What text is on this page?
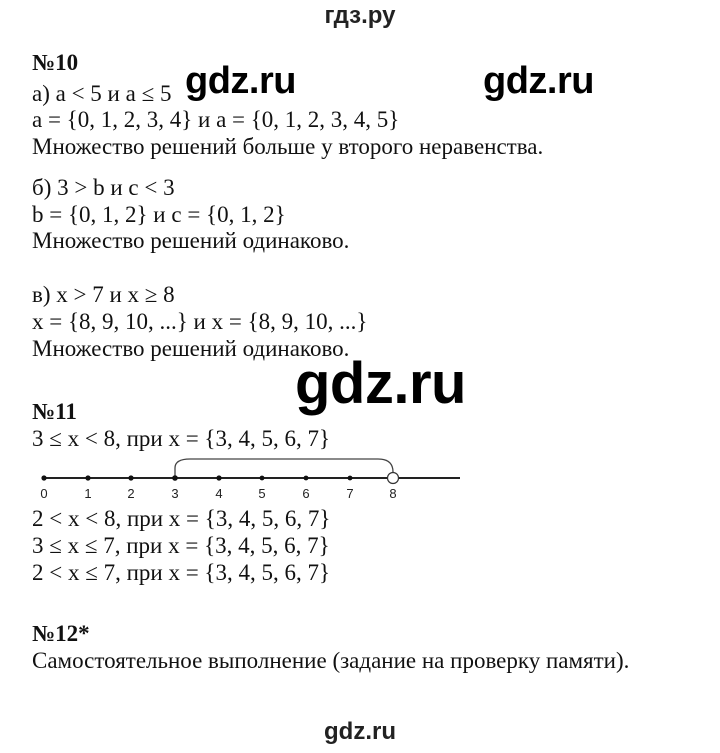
гдз.ру
№10
а) a < 5 и a ≤ 5
a = {0, 1, 2, 3, 4} и a = {0, 1, 2, 3, 4, 5}
Множество решений больше у второго неравенства.
б) 3 > b и c < 3
b = {0, 1, 2} и c = {0, 1, 2}
Множество решений одинаково.
в) x > 7 и x ≥ 8
x = {8, 9, 10, ...} и x = {8, 9, 10, ...}
Множество решений одинаково.
№11
3 ≤ x < 8, при x = {3, 4, 5, 6, 7}
0	1	2	3	4	5	6	7	8
2 < x < 8, при x = {3, 4, 5, 6, 7}
3 ≤ x ≤ 7, при x = {3, 4, 5, 6, 7}
2 < x ≤ 7, при x = {3, 4, 5, 6, 7}
№12*
Самостоятельное выполнение (задание на проверку памяти).
gdz.ru	gdz.ru
gdz.ru
gdz.ru
